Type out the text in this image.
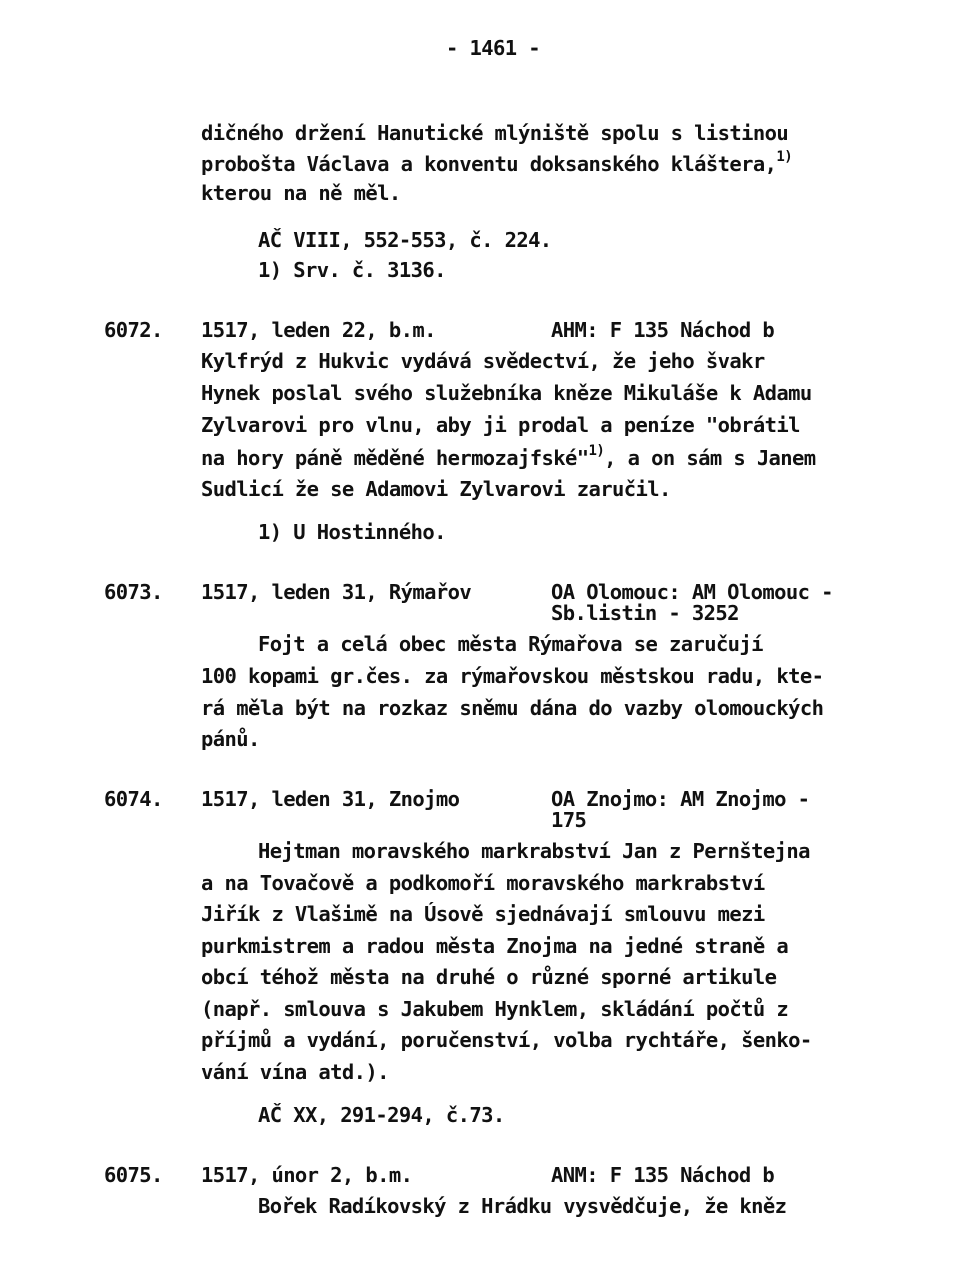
- 1461 -
dičného držení Hanutické mlýniště spolu s listinou
proboštа Václava a konventu doksanského kláštera,$^{1)}$
kterou na ně měl.
AČ VIII, 552-553, č. 224.
1) Srv. č. 3136.
6072. 1517, leden 22, b.m.	AHM: F 135 Náchod b
Kylfrýd z Hukvic vydává svědectví, že jeho švakr
Hynek poslal svého služebníka kněze Mikuláše k Adamu
Zylvarovi pro vlnu, aby ji prodal a peníze "obrátil
na hory páně měděné hermozajfské"$^{1)}$, a on sám s Janem
Sudlicí že se Adamovi Zylvarovi zaručil.
1) U Hostinného.
6073. 1517, leden 31, Rýmařov	OA Olomouc: AM Olomouc -
Sb.listin - 3252
Fojt a celá obec města Rýmařova se zaručují
100 kopami gr.čes. za rýmařovskou městskou radu, kte-
rá měla být na rozkaz sněmu dána do vazby olomouckých
pánů.
6074. 1517, leden 31, Znojmo	OA Znojmo: AM Znojmo -
175
Hejtman moravského markrabství Jan z Pernštejna
a na Tovačově a podkomoří moravského markrabství
Jiřík z Vlašimě na Úsově sjednávají smlouvu mezi
purkmistrem a radou města Znojma na jedné straně a
obcí téhož města na druhé o různé sporné artikule
(např. smlouva s Jakubem Hynklem, skládání počtů z
příjmů a vydání, poručenství, volba rychtáře, šenko-
vání vína atd.).
AČ XX, 291-294, č.73.
6075. 1517, únor 2, b.m.	ANM: F 135 Náchod b
Bořek Radíkovský z Hrádku vysvědčuje, že kněz
